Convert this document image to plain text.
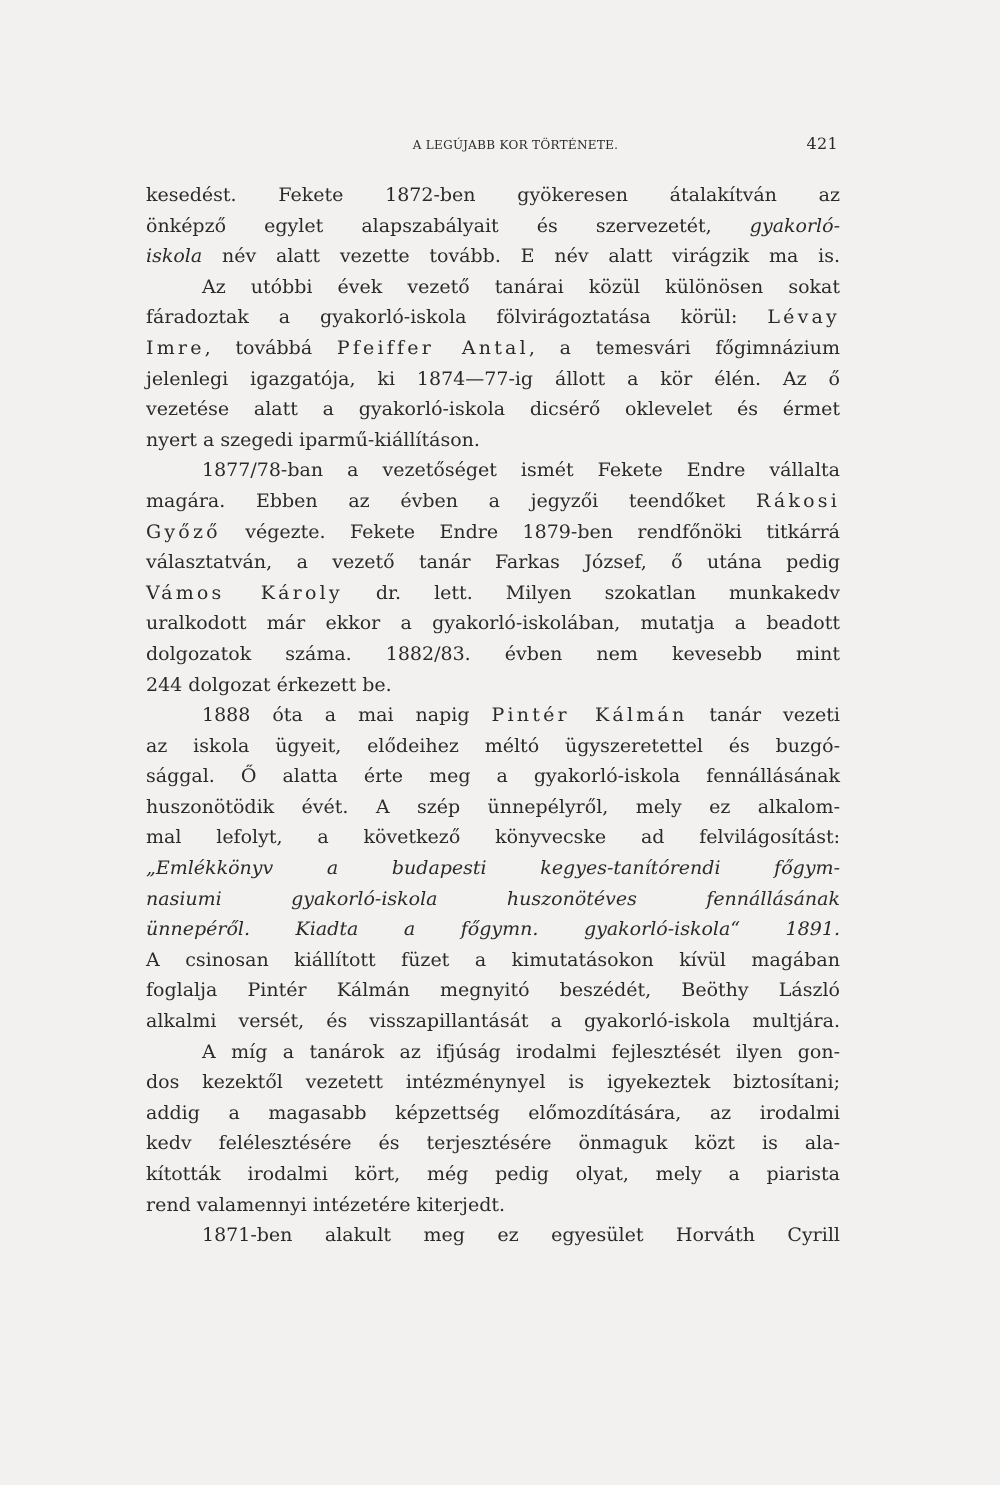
A LEGÚJABB KOR TÖRTÉNETE.	421
kesedést. Fekete 1872-ben gyökeresen átalakítván az
önképző egylet alapszabályait és szervezetét, gyakorló-
iskola név alatt vezette tovább. E név alatt virágzik ma is.
Az utóbbi évek vezető tanárai közül különösen sokat
fáradoztak a gyakorló-iskola fölvirágoztatása körül: Lévay
Imre, továbbá Pfeiffer Antal, a temesvári főgimnázium
jelenlegi igazgatója, ki 1874—77-ig állott a kör élén. Az ő
vezetése alatt a gyakorló-iskola dicsérő oklevelet és érmet
nyert a szegedi iparmű-kiállításon.
1877/78-ban a vezetőséget ismét Fekete Endre vállalta
magára. Ebben az évben a jegyzői teendőket Rákosi
Győző végezte. Fekete Endre 1879-ben rendfőnöki titkárrá
választatván, a vezető tanár Farkas József, ő utána pedig
Vámos Károly dr. lett. Milyen szokatlan munkakedv
uralkodott már ekkor a gyakorló-iskolában, mutatja a beadott
dolgozatok száma. 1882/83. évben nem kevesebb mint
244 dolgozat érkezett be.
1888 óta a mai napig Pintér Kálmán tanár vezeti
az iskola ügyeit, elődeihez méltó ügyszeretettel és buzgó-
sággal. Ő alatta érte meg a gyakorló-iskola fennállásának
huszonötödik évét. A szép ünnepélyről, mely ez alkalom-
mal lefolyt, a következő könyvecske ad felvilágosítást:
„Emlékkönyv a budapesti kegyes-tanítórendi főgym-
nasiumi gyakorló-iskola huszonötéves fennállásának
ünnepéről. Kiadta a főgymn. gyakorló-iskola“ 1891.
A csinosan kiállított füzet a kimutatásokon kívül magában
foglalja Pintér Kálmán megnyitó beszédét, Beöthy László
alkalmi versét, és visszapillantását a gyakorló-iskola multjára.
A míg a tanárok az ifjúság irodalmi fejlesztését ilyen gon-
dos kezektől vezetett intézménynyel is igyekeztek biztosítani;
addig a magasabb képzettség előmozdítására, az irodalmi
kedv felélesztésére és terjesztésére önmaguk közt is ala-
kították irodalmi kört, még pedig olyat, mely a piarista
rend valamennyi intézetére kiterjedt.
1871-ben alakult meg ez egyesület Horváth Cyrill
